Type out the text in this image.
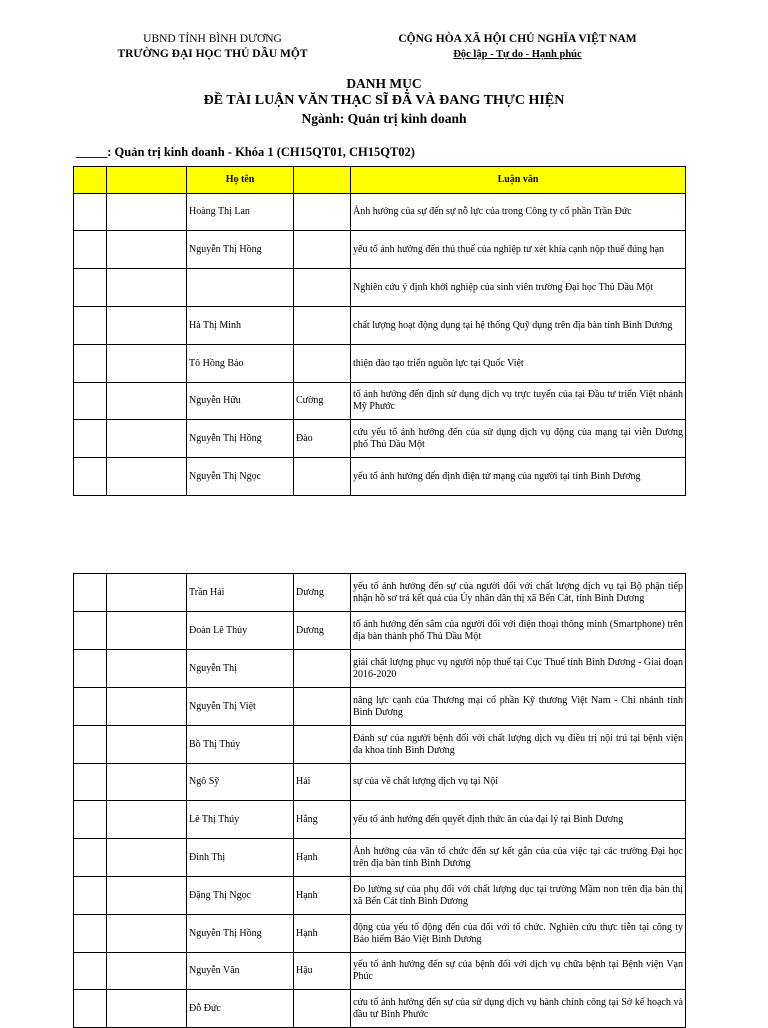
UBND TỈNH BÌNH DƯƠNG
TRƯỜNG ĐẠI HỌC THỦ DẦU MỘT
CỘNG HÒA XÃ HỘI CHỦ NGHĨA VIỆT NAM
Độc lập - Tự do - Hạnh phúc
DANH MỤC
ĐỀ TÀI LUẬN VĂN THẠC SĨ ĐÃ VÀ ĐANG THỰC HIỆN
Ngành: Quản trị kinh doanh
_____: Quản trị kinh doanh - Khóa 1 (CH15QT01, CH15QT02)
		Họ tên		Luận văn
		Hoàng Thị Lan		Ảnh hưởng của sự đến sự nỗ lực của trong Công ty cổ phần Trần Đức
		Nguyễn Thị Hồng		yếu tố ảnh hưởng đến thủ thuế của nghiệp tư xét khía cạnh nộp thuế đúng hạn
				Nghiên cứu ý định khởi nghiệp của sinh viên trường Đại học Thủ Dầu Một
		Hà Thị Minh		chất lượng hoạt động dụng tại hệ thống Quỹ dụng trên địa bàn tỉnh Bình Dương
		Tô Hồng Bảo		thiện đào tạo triển nguồn lực tại Quốc Việt
		Nguyễn Hữu	Cường	tố ảnh hưởng đến định sử dụng dịch vụ trực tuyến của tại Đầu tư triển Việt nhánh Mỹ Phước
		Nguyễn Thị Hồng	Đào	cứu yếu tố ảnh hưởng đến của sử dụng dịch vụ động của mạng tại viễn Dương phố Thủ Dầu Một
		Nguyễn Thị Ngọc		yếu tố ảnh hưởng đến định điện tử mạng của người tại tỉnh Bình Dương
		Trần Hải	Dương	yếu tố ảnh hưởng đến sự của người đối với chất lượng dịch vụ tại Bộ phận tiếp nhận hồ sơ trả kết quả của Ủy nhân dân thị xã Bến Cát, tỉnh Bình Dương
		Đoàn Lê Thủy	Dương	tố ảnh hưởng đến sắm của người đối với điện thoại thông minh (Smartphone) trên địa bàn thành phố Thủ Dầu Một
		Nguyễn Thị		giải chất lượng phục vụ người nộp thuế tại Cục Thuế tỉnh Bình Dương - Giai đoạn 2016-2020
		Nguyễn Thị Việt		nâng lực cạnh của Thương mại cổ phần Kỹ thương Việt Nam - Chi nhánh tỉnh Bình Dương
		Bồ Thị Thúy		Đánh sự của người bệnh đối với chất lượng dịch vụ điều trị nội trú tại bệnh viện đa khoa tỉnh Bình Dương
		Ngô Sỹ	Hải	sự của về chất lượng dịch vụ tại Nội
		Lê Thị Thúy	Hằng	yếu tố ảnh hưởng đến quyết định thức ăn của đại lý tại Bình Dương
		Đinh Thị	Hạnh	Ảnh hưởng của văn tổ chức đến sự kết gắn của của việc tại các trường Đại học trên địa bàn tỉnh Bình Dương
		Đặng Thị Ngọc	Hạnh	Đo lường sự của phụ đối với chất lượng dục tại trường Mầm non trên địa bàn thị xã Bến Cát tỉnh Bình Dương
		Nguyễn Thị Hồng	Hạnh	động của yếu tố động đến của đối với tổ chức. Nghiên cứu thực tiễn tại công ty Bảo hiểm Bảo Việt Bình Dương
		Nguyễn Văn	Hậu	yếu tố ảnh hưởng đến sự của bệnh đối với dịch vụ chữa bệnh tại Bệnh viện Vạn Phúc
		Đỗ Đức		cứu tố ảnh hưởng đến sự của sử dụng dịch vụ hành chính công tại Sở kế hoạch và đầu tư Bình Phước
